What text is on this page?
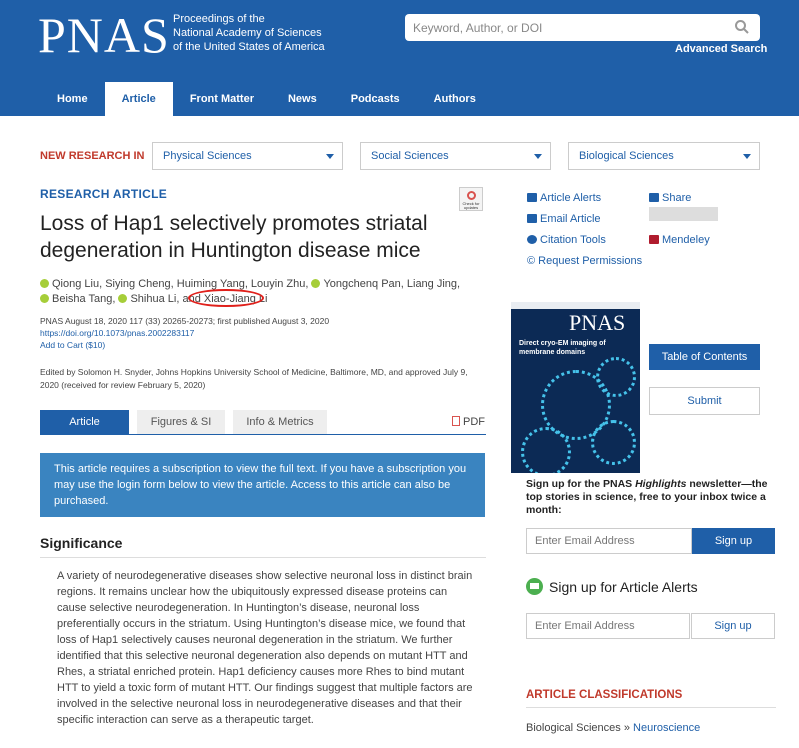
PNAS Proceedings of the
National Academy of Sciences
of the United States of America
Keyword, Author, or DOI	Advanced Search
Home	Article	Front Matter	News	Podcasts	Authors
NEW RESEARCH IN	Physical Sciences	Social Sciences	Biological Sciences
RESEARCH ARTICLE
Check for updates
Loss of Hap1 selectively promotes striatal degeneration in Huntington disease mice
Qiong Liu, Siying Cheng, Huiming Yang, Louyin Zhu, Yongchenq Pan, Liang Jing,
Beisha Tang, Shihua Li, and Xiao-Jiang Li
PNAS August 18, 2020 117 (33) 20265-20273; first published August 3, 2020
https://doi.org/10.1073/pnas.2002283117
Add to Cart ($10)
Edited by Solomon H. Snyder, Johns Hopkins University School of Medicine, Baltimore, MD, and approved July 9, 2020 (received for review February 5, 2020)
Article	Figures & SI	Info & Metrics	PDF
This article requires a subscription to view the full text. If you have a subscription you may use the login form below to view the article. Access to this article can also be purchased.
Significance
A variety of neurodegenerative diseases show selective neuronal loss in distinct brain regions. It remains unclear how the ubiquitously expressed disease proteins can cause selective neurodegeneration. In Huntington’s disease, neuronal loss preferentially occurs in the striatum. Using Huntington’s disease mice, we found that loss of Hap1 selectively causes neuronal degeneration in the striatum. We further identified that this selective neuronal degeneration also depends on mutant HTT and Rhes, a striatal enriched protein. Hap1 deficiency causes more Rhes to bind mutant HTT to yield a toxic form of mutant HTT. Our findings suggest that multiple factors are involved in the selective neuronal loss in neurodegenerative diseases and that their specific interaction can serve as a therapeutic target.
Article Alerts
Email Article
Citation Tools
© Request Permissions
Share
Mendeley
PNAS
Direct cryo-EM imaging of membrane domains	Table of Contents
Submit
Sign up for the PNAS Highlights newsletter—the top stories in science, free to your inbox twice a month:
Enter Email Address
Sign up
Sign up for Article Alerts
Enter Email Address
Sign up
ARTICLE CLASSIFICATIONS
Biological Sciences » Neuroscience
